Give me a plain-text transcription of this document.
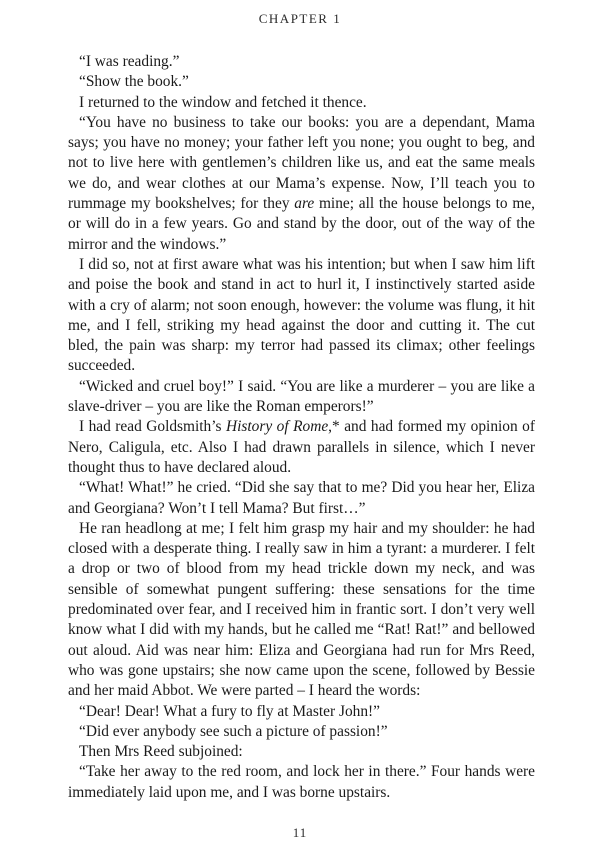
CHAPTER 1

“I was reading.”

“Show the book.”

I returned to the window and fetched it thence.

“You have no business to take our books: you are a dependant, Mama says; you have no money; your father left you none; you ought to beg, and not to live here with gentlemen’s children like us, and eat the same meals we do, and wear clothes at our Mama’s expense. Now, I’ll teach you to rummage my bookshelves; for they are mine; all the house belongs to me, or will do in a few years. Go and stand by the door, out of the way of the mirror and the windows.”

I did so, not at first aware what was his intention; but when I saw him lift and poise the book and stand in act to hurl it, I instinctively started aside with a cry of alarm; not soon enough, however: the volume was flung, it hit me, and I fell, striking my head against the door and cutting it. The cut bled, the pain was sharp: my terror had passed its climax; other feelings succeeded.

“Wicked and cruel boy!” I said. “You are like a murderer – you are like a slave-driver – you are like the Roman emperors!”

I had read Goldsmith’s History of Rome,* and had formed my opinion of Nero, Caligula, etc. Also I had drawn parallels in silence, which I never thought thus to have declared aloud.

“What! What!” he cried. “Did she say that to me? Did you hear her, Eliza and Georgiana? Won’t I tell Mama? But first…”

He ran headlong at me; I felt him grasp my hair and my shoulder: he had closed with a desperate thing. I really saw in him a tyrant: a murderer. I felt a drop or two of blood from my head trickle down my neck, and was sensible of somewhat pungent suffering: these sensations for the time predominated over fear, and I received him in frantic sort. I don’t very well know what I did with my hands, but he called me “Rat! Rat!” and bellowed out aloud. Aid was near him: Eliza and Georgiana had run for Mrs Reed, who was gone upstairs; she now came upon the scene, followed by Bessie and her maid Abbot. We were parted – I heard the words:

“Dear! Dear! What a fury to fly at Master John!”

“Did ever anybody see such a picture of passion!”

Then Mrs Reed subjoined:

“Take her away to the red room, and lock her in there.” Four hands were immediately laid upon me, and I was borne upstairs.

11
